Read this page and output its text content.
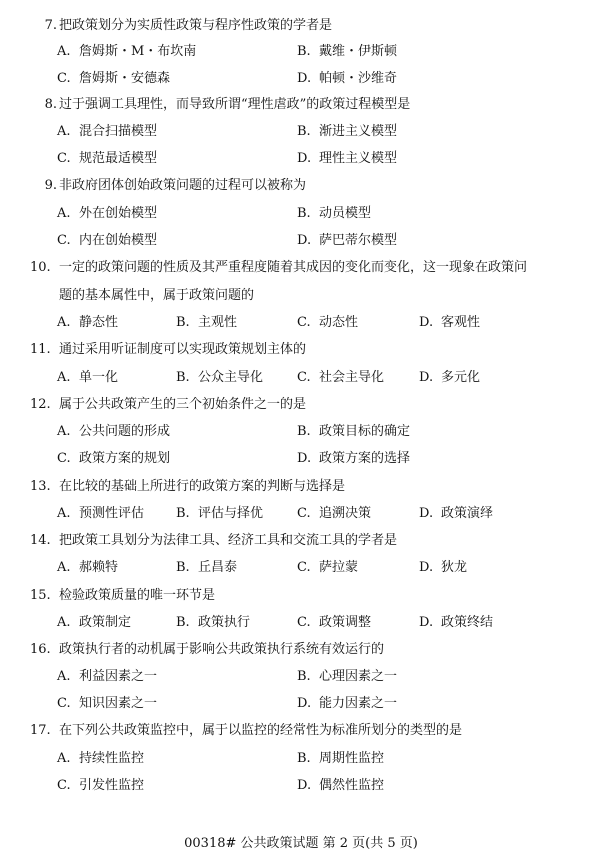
7. 把政策划分为实质性政策与程序性政策的学者是
A. 詹姆斯・M・布坎南	B. 戴维・伊斯顿
C. 詹姆斯・安德森	D. 帕顿・沙维奇
8. 过于强调工具理性，而导致所谓“理性虐政”的政策过程模型是
A. 混合扫描模型	B. 渐进主义模型
C. 规范最适模型	D. 理性主义模型
9. 非政府团体创始政策问题的过程可以被称为
A. 外在创始模型	B. 动员模型
C. 内在创始模型	D. 萨巴蒂尔模型
10. 一定的政策问题的性质及其严重程度随着其成因的变化而变化，这一现象在政策问
题的基本属性中，属于政策问题的
A. 静态性	B. 主观性	C. 动态性	D. 客观性
11. 通过采用听证制度可以实现政策规划主体的
A. 单一化	B. 公众主导化	C. 社会主导化	D. 多元化
12. 属于公共政策产生的三个初始条件之一的是
A. 公共问题的形成	B. 政策目标的确定
C. 政策方案的规划	D. 政策方案的选择
13. 在比较的基础上所进行的政策方案的判断与选择是
A. 预测性评估 B. 评估与择优	C. 追溯决策	D. 政策演绎
14. 把政策工具划分为法律工具、经济工具和交流工具的学者是
A. 郝赖特	B. 丘昌泰	C. 萨拉蒙	D. 狄龙
15. 检验政策质量的唯一环节是
A. 政策制定	B. 政策执行	C. 政策调整	D. 政策终结
16. 政策执行者的动机属于影响公共政策执行系统有效运行的
A. 利益因素之一	B. 心理因素之一
C. 知识因素之一	D. 能力因素之一
17. 在下列公共政策监控中，属于以监控的经常性为标准所划分的类型的是
A. 持续性监控	B. 周期性监控
C. 引发性监控	D. 偶然性监控
00318# 公共政策试题 第 2 页(共 5 页)
